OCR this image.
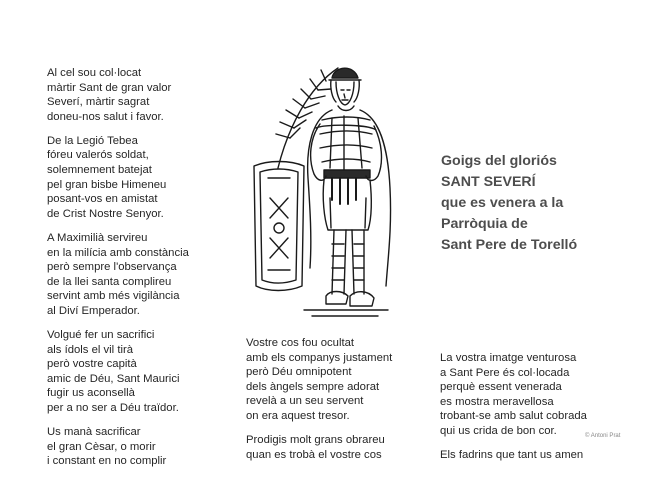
Al cel sou col·locat
màrtir Sant de gran valor
Severí, màrtir sagrat
doneu-nos salut i favor.

De la Legió Tebea
fóreu valerós soldat,
solemnement batejat
pel gran bisbe Himeneu
posant-vos en amistat
de Crist Nostre Senyor.

A Maximilià servireu
en la milícia amb constància
però sempre l'observança
de la llei santa complireu
servint amb més vigilància
al Diví Emperador.

Volgué fer un sacrifici
als ídols el vil tirà
però vostre capità
amic de Déu, Sant Maurici
fugir us aconsellà
per a no ser a Déu traïdor.

Us manà sacrificar
el gran Cèsar, o morir
i constant en no complir

Goigs del gloriós
SANT SEVERÍ
que es venera a la
Parròquia de
Sant Pere de Torelló

Vostre cos fou ocultat
amb els companys justament
però Déu omnipotent
dels àngels sempre adorat
revelà a un seu servent
on era aquest tresor.

Prodigis molt grans obrareu
quan es trobà el vostre cos

La vostra imatge venturosa
a Sant Pere és col·locada
perquè essent venerada
es mostra meravellosa
trobant-se amb salut cobrada
qui us crida de bon cor.

Els fadrins que tant us amen

© Antoni Prat
